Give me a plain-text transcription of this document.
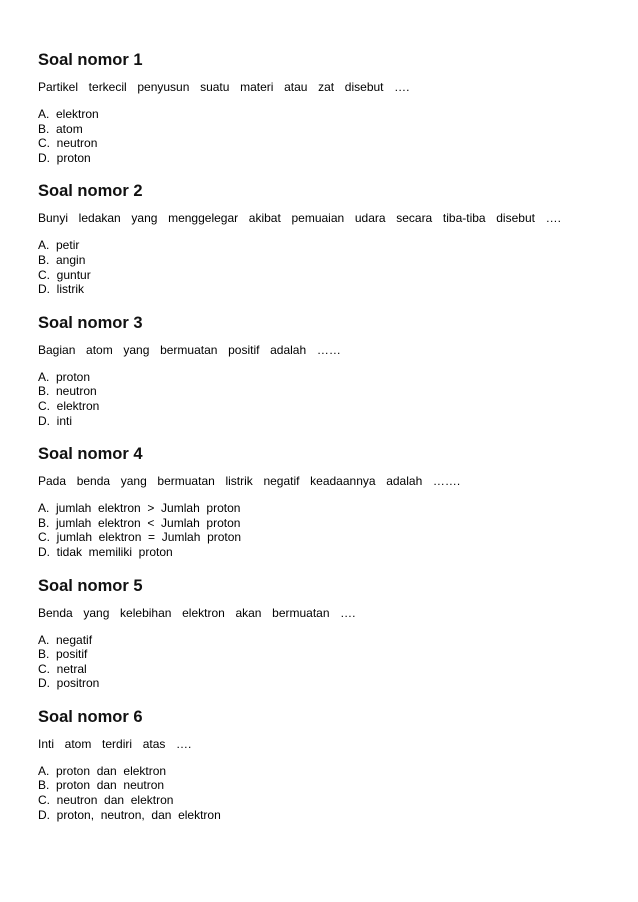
Soal nomor 1
Partikel  terkecil  penyusun  suatu  materi  atau  zat  disebut  ….
A.  elektron
B.  atom
C.  neutron
D.  proton
Soal nomor 2
Bunyi  ledakan  yang  menggelegar  akibat  pemuaian  udara  secara  tiba-tiba  disebut  ….
A.  petir
B.  angin
C.  guntur
D.  listrik
Soal nomor 3
Bagian  atom  yang  bermuatan  positif  adalah  ……
A.  proton
B.  neutron
C.  elektron
D.  inti
Soal nomor 4
Pada  benda  yang  bermuatan  listrik  negatif  keadaannya  adalah  …….
A.  jumlah  elektron  >  Jumlah  proton
B.  jumlah  elektron  <  Jumlah  proton
C.  jumlah  elektron  =  Jumlah  proton
D.  tidak  memiliki  proton
Soal nomor 5
Benda  yang  kelebihan  elektron  akan  bermuatan  ….
A.  negatif
B.  positif
C.  netral
D.  positron
Soal nomor 6
Inti  atom  terdiri  atas  ….
A.  proton  dan  elektron
B.  proton  dan  neutron
C.  neutron  dan  elektron
D.  proton,  neutron,  dan  elektron
